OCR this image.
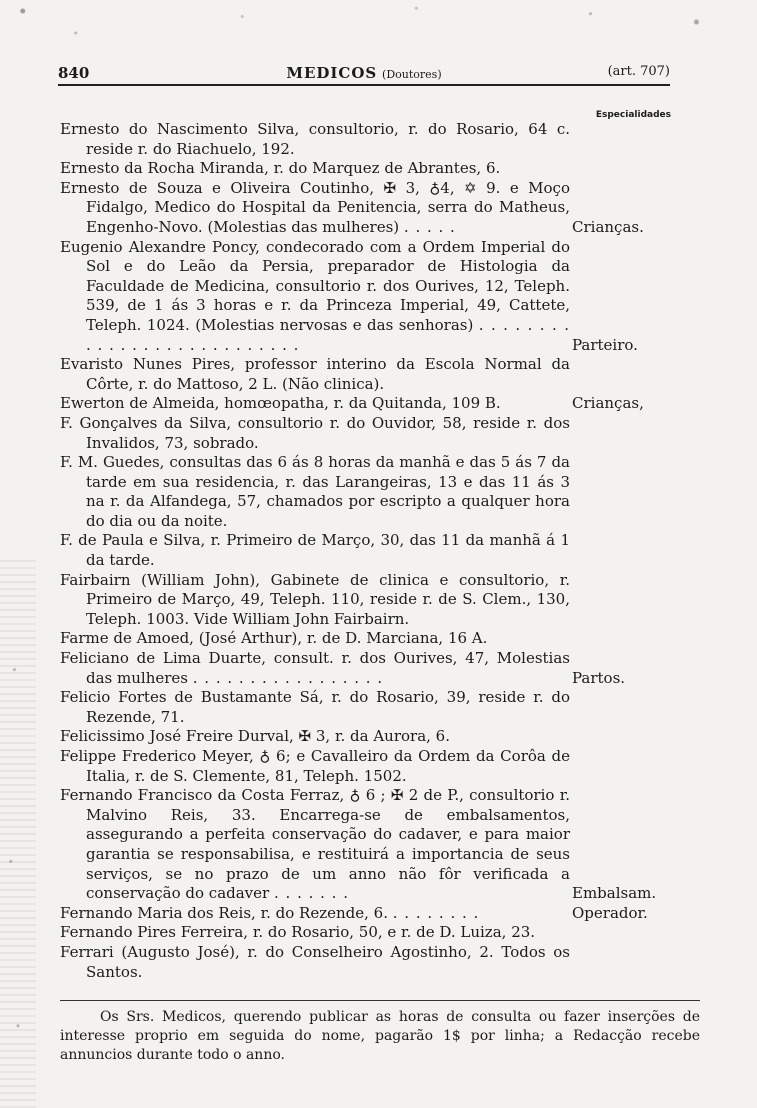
840	MEDICOS (Doutores)	(art. 707)
Especialidades
Ernesto do Nascimento Silva, consultorio, r. do Rosario, 64 c. reside r. do Riachuelo, 192.
Ernesto da Rocha Miranda, r. do Marquez de Abrantes, 6.
Ernesto de Souza e Oliveira Coutinho, ✠ 3, ♁4, ✡ 9. e Moço Fidalgo, Medico do Hospital da Penitencia, serra do Matheus, Engenho-Novo. (Molestias das mulheres) . . . . .	Crianças.
Eugenio Alexandre Poncy, condecorado com a Ordem Imperial do Sol e do Leão da Persia, preparador de Histologia da Faculdade de Medicina, consultorio r. dos Ourives, 12, Teleph. 539, de 1 ás 3 horas e r. da Princeza Imperial, 49, Cattete, Teleph. 1024. (Molestias nervosas e das senhoras) . . . . . . . . . . . . . . . . . . . . . . . . . . .	Parteiro.
Evaristo Nunes Pires, professor interino da Escola Normal da Côrte, r. do Mattoso, 2 L. (Não clinica).
Ewerton de Almeida, homœopatha, r. da Quitanda, 109 B.	Crianças,
F. Gonçalves da Silva, consultorio r. do Ouvidor, 58, reside r. dos Invalidos, 73, sobrado.
F. M. Guedes, consultas das 6 ás 8 horas da manhã e das 5 ás 7 da tarde em sua residencia, r. das Larangeiras, 13 e das 11 ás 3 na r. da Alfandega, 57, chamados por escripto a qualquer hora do dia ou da noite.
F. de Paula e Silva, r. Primeiro de Março, 30, das 11 da manhã á 1 da tarde.
Fairbairn (William John), Gabinete de clinica e consultorio, r. Primeiro de Março, 49, Teleph. 110, reside r. de S. Clem., 130, Teleph. 1003. Vide William John Fairbairn.
Farme de Amoed, (José Arthur), r. de D. Marciana, 16 A.
Feliciano de Lima Duarte, consult. r. dos Ourives, 47, Molestias das mulheres . . . . . . . . . . . . . . . . .	Partos.
Felicio Fortes de Bustamante Sá, r. do Rosario, 39, reside r. do Rezende, 71.
Felicissimo José Freire Durval, ✠ 3, r. da Aurora, 6.
Felippe Frederico Meyer, ♁ 6; e Cavalleiro da Ordem da Corôa de Italia, r. de S. Clemente, 81, Teleph. 1502.
Fernando Francisco da Costa Ferraz, ♁ 6 ; ✠ 2 de P., consultorio r. Malvino Reis, 33. Encarrega-se de embalsamentos, assegurando a perfeita conservação do cadaver, e para maior garantia se responsabilisa, e restituirá a importancia de seus serviços, se no prazo de um anno não fôr verificada a conservação do cadaver . . . . . . .	Embalsam.
Fernando Maria dos Reis, r. do Rezende, 6. . . . . . . . .	Operador.
Fernando Pires Ferreira, r. do Rosario, 50, e r. de D. Luiza, 23.
Ferrari (Augusto José), r. do Conselheiro Agostinho, 2. Todos os Santos.
Os Srs. Medicos, querendo publicar as horas de consulta ou fazer inserções de interesse proprio em seguida do nome, pagarão 1$ por linha; a Redacção recebe annuncios durante todo o anno.
